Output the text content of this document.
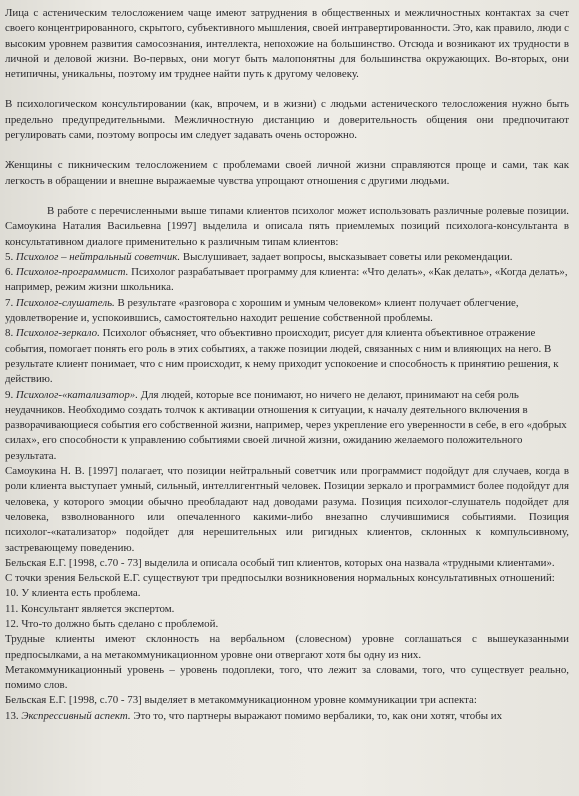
Лица с астеническим телосложением чаще имеют затруднения в общественных и межличностных контактах за счет своего концентрированного, скрытого, субъективного мышления, своей интравертированности. Это, как правило, люди с высоким уровнем развития самосознания, интеллекта, непохожие на большинство. Отсюда и возникают их трудности в личной и деловой жизни. Во-первых, они могут быть малопонятны для большинства окружающих. Во-вторых, они нетипичны, уникальны, поэтому им труднее найти путь к другому человеку.

В психологическом консультировании (как, впрочем, и в жизни) с людьми астенического телосложения нужно быть предельно предупредительными. Межличностную дистанцию и доверительность общения они предпочитают регулировать сами, поэтому вопросы им следует задавать очень осторожно.

Женщины с пикническим телосложением с проблемами своей личной жизни справляются проще и сами, так как легкость в обращении и внешне выражаемые чувства упрощают отношения с другими людьми.

В работе с перечисленными выше типами клиентов психолог может использовать различные ролевые позиции. Самоукина Наталия Васильевна [1997] выделила и описала пять приемлемых позиций психолога-консультанта в консультативном диалоге применительно к различным типам клиентов:

5. Психолог – нейтральный советчик. Выслушивает, задает вопросы, высказывает советы или рекомендации.

6. Психолог-программист. Психолог разрабатывает программу для клиента: «Что делать», «Как делать», «Когда делать», например, режим жизни школьника.

7. Психолог-слушатель. В результате «разговора с хорошим и умным человеком» клиент получает облегчение, удовлетворение и, успокоившись, самостоятельно находит решение собственной проблемы.

8. Психолог-зеркало. Психолог объясняет, что объективно происходит, рисует для клиента объективное отражение события, помогает понять его роль в этих событиях, а также позиции людей, связанных с ним и влияющих на него. В результате клиент понимает, что с ним происходит, к нему приходит успокоение и способность к принятию решения, к действию.

9. Психолог-«катализатор». Для людей, которые все понимают, но ничего не делают, принимают на себя роль неудачников. Необходимо создать толчок к активации отношения к ситуации, к началу деятельного включения в разворачивающиеся события его собственной жизни, например, через укрепление его уверенности в себе, в его «добрых силах», его способности к управлению событиями своей личной жизни, ожиданию желаемого положительного результата.

Самоукина Н. В. [1997] полагает, что позиции нейтральный советчик или программист подойдут для случаев, когда в роли клиента выступает умный, сильный, интеллигентный человек. Позиции зеркало и программист более подойдут для человека, у которого эмоции обычно преобладают над доводами разума. Позиция психолог-слушатель подойдет для человека, взволнованного или опечаленного какими-либо внезапно случившимися событиями. Позиция психолог-«катализатор» подойдет для нерешительных или ригидных клиентов, склонных к компульсивному, застревающему поведению.

Бельская Е.Г. [1998, с.70 - 73] выделила и описала особый тип клиентов, которых она назвала «трудными клиентами».

С точки зрения Бельской Е.Г. существуют три предпосылки возникновения нормальных консультативных отношений:

10. У клиента есть проблема.

11. Консультант является экспертом.

12. Что-то должно быть сделано с проблемой.

Трудные клиенты имеют склонность на вербальном (словесном) уровне соглашаться с вышеуказанными предпосылками, а на метакоммуникационном уровне они отвергают хотя бы одну из них.

Метакоммуникационный уровень – уровень подоплеки, того, что лежит за словами, того, что существует реально, помимо слов.

Бельская Е.Г. [1998, с.70 - 73] выделяет в метакоммуникационном уровне коммуникации три аспекта:

13. Экспрессивный аспект. Это то, что партнеры выражают помимо вербалики, то, как они хотят, чтобы их
